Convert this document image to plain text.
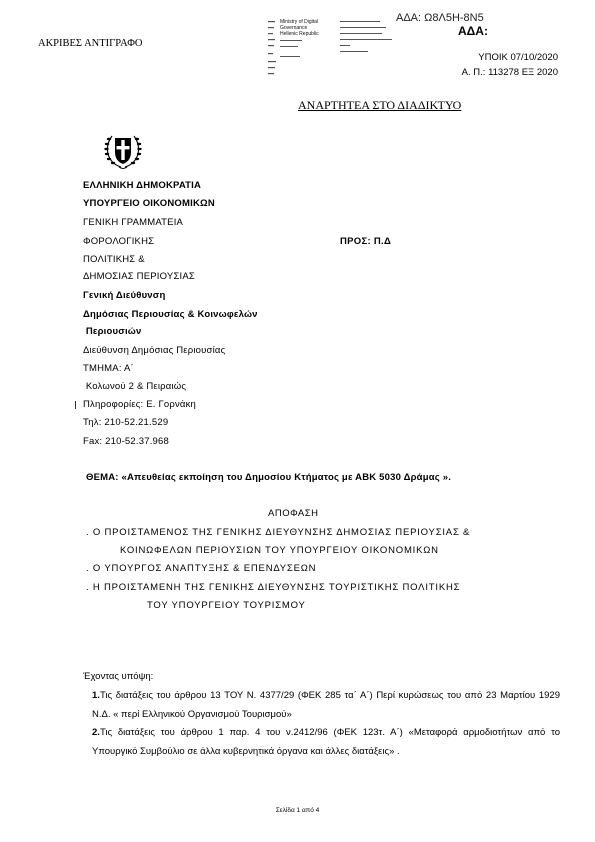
ΑΚΡΙΒΕΣ ΑΝΤΙΓΡΑΦΟ
ΑΔΑ: Ω8Λ5Η-8Ν5
ΑΔΑ:
ΥΠΟΙΚ 07/10/2020
Α. Π.: 113278 ΕΞ 2020
Ministry of Digital
Governance
Hellenic Republic
ΑΝΑΡΤΗΤΕΑ ΣΤΟ ΔΙΑΔΙΚΤΥΟ
ΕΛΛΗΝΙΚΗ ΔΗΜΟΚΡΑΤΙΑ
ΥΠΟΥΡΓΕΙΟ ΟΙΚΟΝΟΜΙΚΩΝ
ΓΕΝΙΚΗ ΓΡΑΜΜΑΤΕΙΑ
ΦΟΡΟΛΟΓΙΚΗΣ
ΠΟΛΙΤΙΚΗΣ &
ΔΗΜΟΣΙΑΣ ΠΕΡΙΟΥΣΙΑΣ
Γενική Διεύθυνση
Δημόσιας Περιουσίας & Κοινωφελών
Περιουσιών
Διεύθυνση Δημόσιας Περιουσίας
ΤΜΗΜΑ: Α΄
Κολωνού 2 & Πειραιώς
Πληροφορίες: Ε. Γορνάκη
Τηλ: 210-52.21.529
Fax: 210-52.37.968
ΠΡΟΣ: Π.Δ
ΘΕΜΑ: «Απευθείας εκποίηση του Δημοσίου Κτήματος με ΑΒΚ 5030 Δράμας ».
ΑΠΟΦΑΣΗ
. Ο ΠΡΟΙΣΤΑΜΕΝΟΣ ΤΗΣ ΓΕΝΙΚΗΣ ΔΙΕΥΘΥΝΣΗΣ ΔΗΜΟΣΙΑΣ ΠΕΡΙΟΥΣΙΑΣ &
ΚΟΙΝΩΦΕΛΩΝ ΠΕΡΙΟΥΣΙΩΝ ΤΟΥ ΥΠΟΥΡΓΕΙΟΥ ΟΙΚΟΝΟΜΙΚΩΝ
. Ο ΥΠΟΥΡΓΟΣ ΑΝΑΠΤΥΞΗΣ & ΕΠΕΝΔΥΣΕΩΝ
. Η ΠΡΟΙΣΤΑΜΕΝΗ ΤΗΣ ΓΕΝΙΚΗΣ ΔΙΕΥΘΥΝΣΗΣ ΤΟΥΡΙΣΤΙΚΗΣ ΠΟΛΙΤΙΚΗΣ
ΤΟΥ ΥΠΟΥΡΓΕΙΟΥ ΤΟΥΡΙΣΜΟΥ
Έχοντας υπόψη:
1.Τις διατάξεις του άρθρου 13 ΤΟΥ Ν. 4377/29 (ΦΕΚ 285 τα΄ Α΄) Περί κυρώσεως του από 23 Μαρτίου 1929 Ν.Δ. « περί Ελληνικού Οργανισμού Τουρισμού»
2.Τις διατάξεις του άρθρου 1 παρ. 4 του ν.2412/96 (ΦΕΚ 123τ. Α΄) «Μεταφορά αρμοδιοτήτων από το Υπουργικό Συμβούλιο σε άλλα κυβερνητικά όργανα και άλλες διατάξεις» .
Σελίδα 1 από 4
